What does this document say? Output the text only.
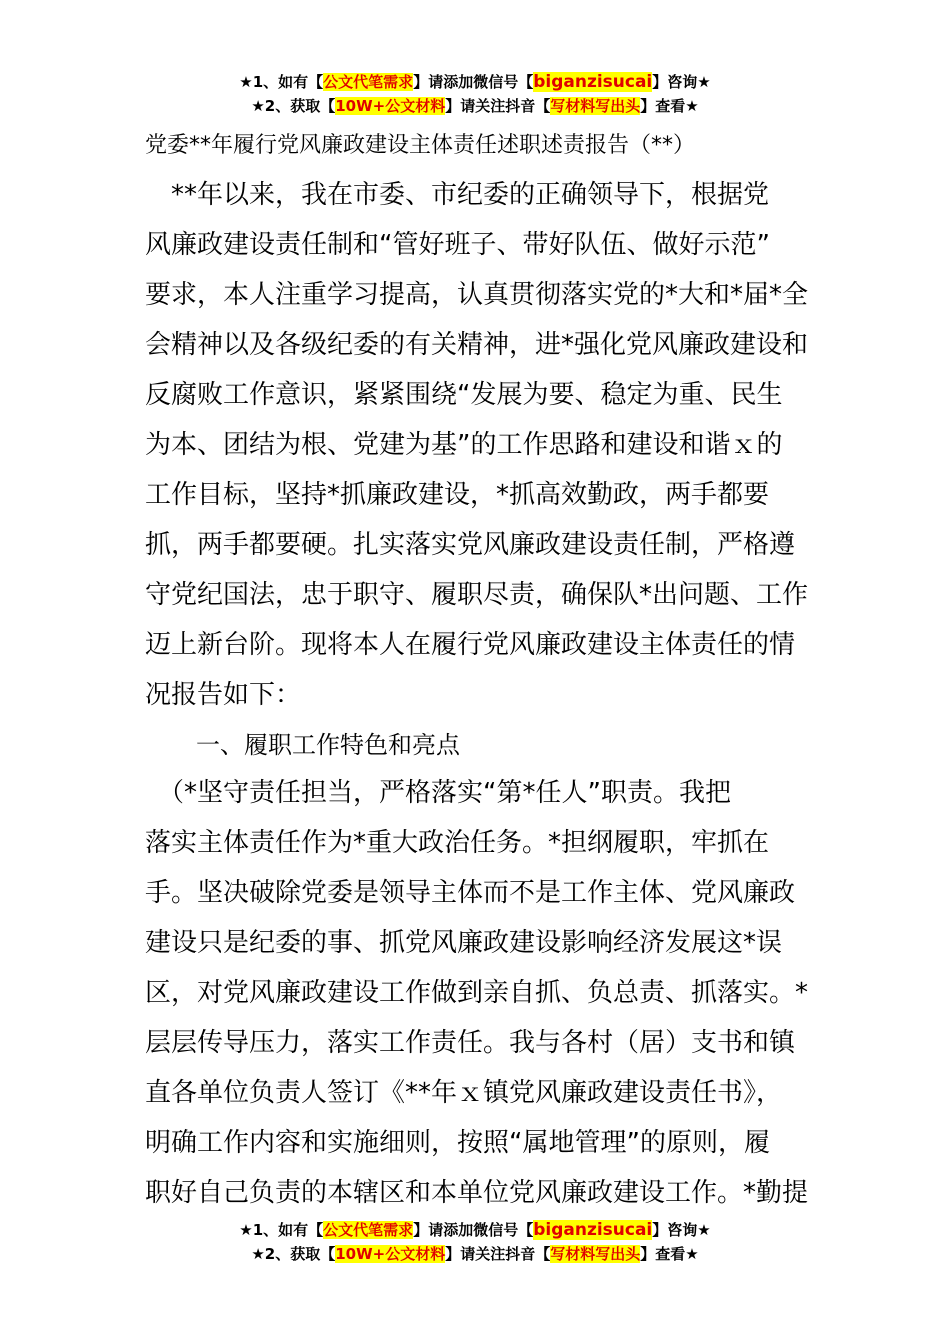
★1、如有【公文代笔需求】请添加微信号【biganzisucai】咨询★
★2、获取【10W+公文材料】请关注抖音【写材料写出头】查看★
党委**年履行党风廉政建设主体责任述职述责报告（**）
　**年以来，我在市委、市纪委的正确领导下，根据党
风廉政建设责任制和“管好班子、带好队伍、做好示范”
要求，本人注重学习提高，认真贯彻落实党的*大和*届*全
会精神以及各级纪委的有关精神，进*强化党风廉政建设和
反腐败工作意识，紧紧围绕“发展为要、稳定为重、民生
为本、团结为根、党建为基”的工作思路和建设和谐ｘ的
工作目标，坚持*抓廉政建设，*抓高效勤政，两手都要
抓，两手都要硬。扎实落实党风廉政建设责任制，严格遵
守党纪国法，忠于职守、履职尽责，确保队*出问题、工作
迈上新台阶。现将本人在履行党风廉政建设主体责任的情
况报告如下：
一、履职工作特色和亮点
　（*坚守责任担当，严格落实“第*任人”职责。我把
落实主体责任作为*重大政治任务。*担纲履职，牢抓在
手。坚决破除党委是领导主体而不是工作主体、党风廉政
建设只是纪委的事、抓党风廉政建设影响经济发展这*误
区，对党风廉政建设工作做到亲自抓、负总责、抓落实。*
层层传导压力，落实工作责任。我与各村（居）支书和镇
直各单位负责人签订《**年ｘ镇党风廉政建设责任书》，
明确工作内容和实施细则，按照“属地管理”的原则，履
职好自己负责的本辖区和本单位党风廉政建设工作。*勤提
★1、如有【公文代笔需求】请添加微信号【biganzisucai】咨询★
★2、获取【10W+公文材料】请关注抖音【写材料写出头】查看★
